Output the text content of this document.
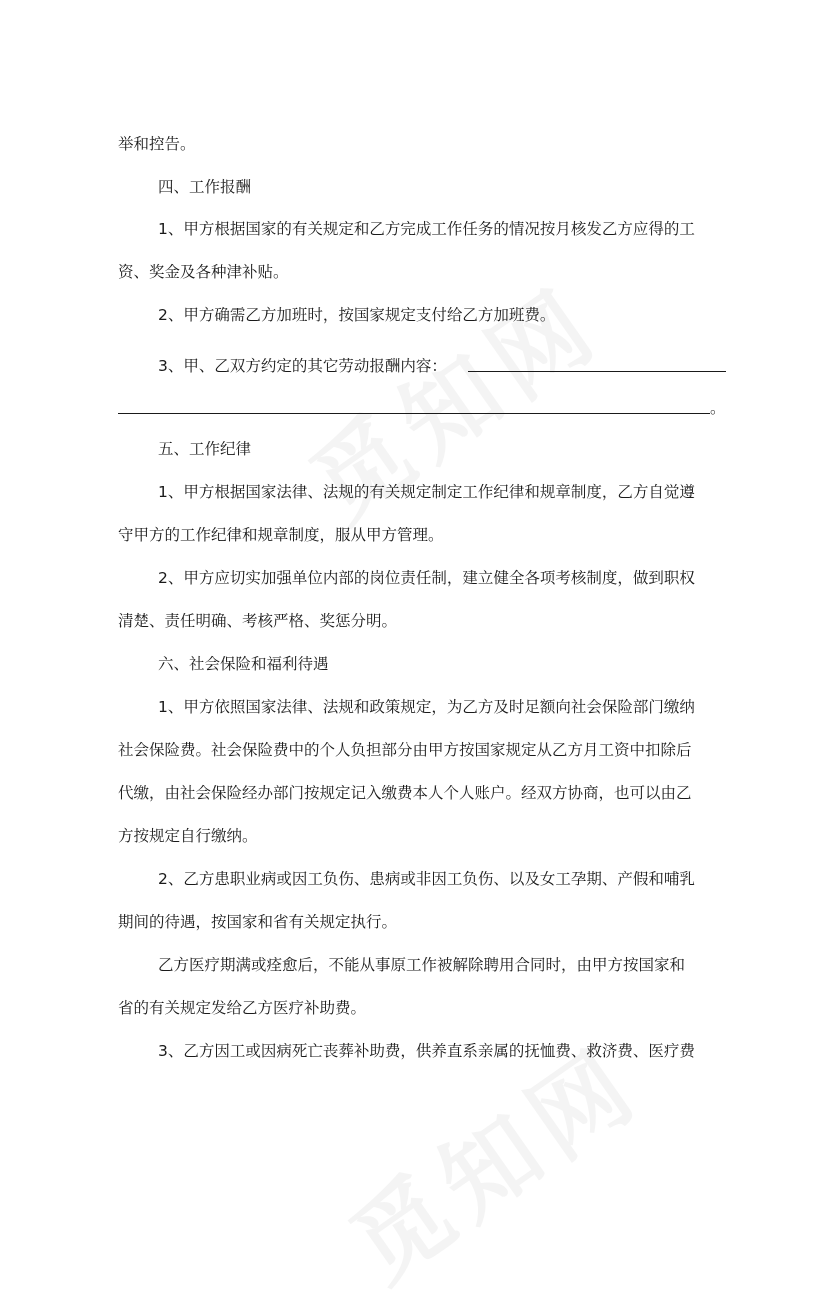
举和控告。
四、工作报酬
1、甲方根据国家的有关规定和乙方完成工作任务的情况按月核发乙方应得的工
资、奖金及各种津补贴。
2、甲方确需乙方加班时，按国家规定支付给乙方加班费。
3、甲、乙双方约定的其它劳动报酬内容：
。
五、工作纪律
1、甲方根据国家法律、法规的有关规定制定工作纪律和规章制度，乙方自觉遵
守甲方的工作纪律和规章制度，服从甲方管理。
2、甲方应切实加强单位内部的岗位责任制，建立健全各项考核制度，做到职权
清楚、责任明确、考核严格、奖惩分明。
六、社会保险和福利待遇
1、甲方依照国家法律、法规和政策规定，为乙方及时足额向社会保险部门缴纳
社会保险费。社会保险费中的个人负担部分由甲方按国家规定从乙方月工资中扣除后
代缴，由社会保险经办部门按规定记入缴费本人个人账户。经双方协商，也可以由乙
方按规定自行缴纳。
2、乙方患职业病或因工负伤、患病或非因工负伤、以及女工孕期、产假和哺乳
期间的待遇，按国家和省有关规定执行。
乙方医疗期满或痊愈后，不能从事原工作被解除聘用合同时，由甲方按国家和
省的有关规定发给乙方医疗补助费。
3、乙方因工或因病死亡丧葬补助费，供养直系亲属的抚恤费、救济费、医疗费
